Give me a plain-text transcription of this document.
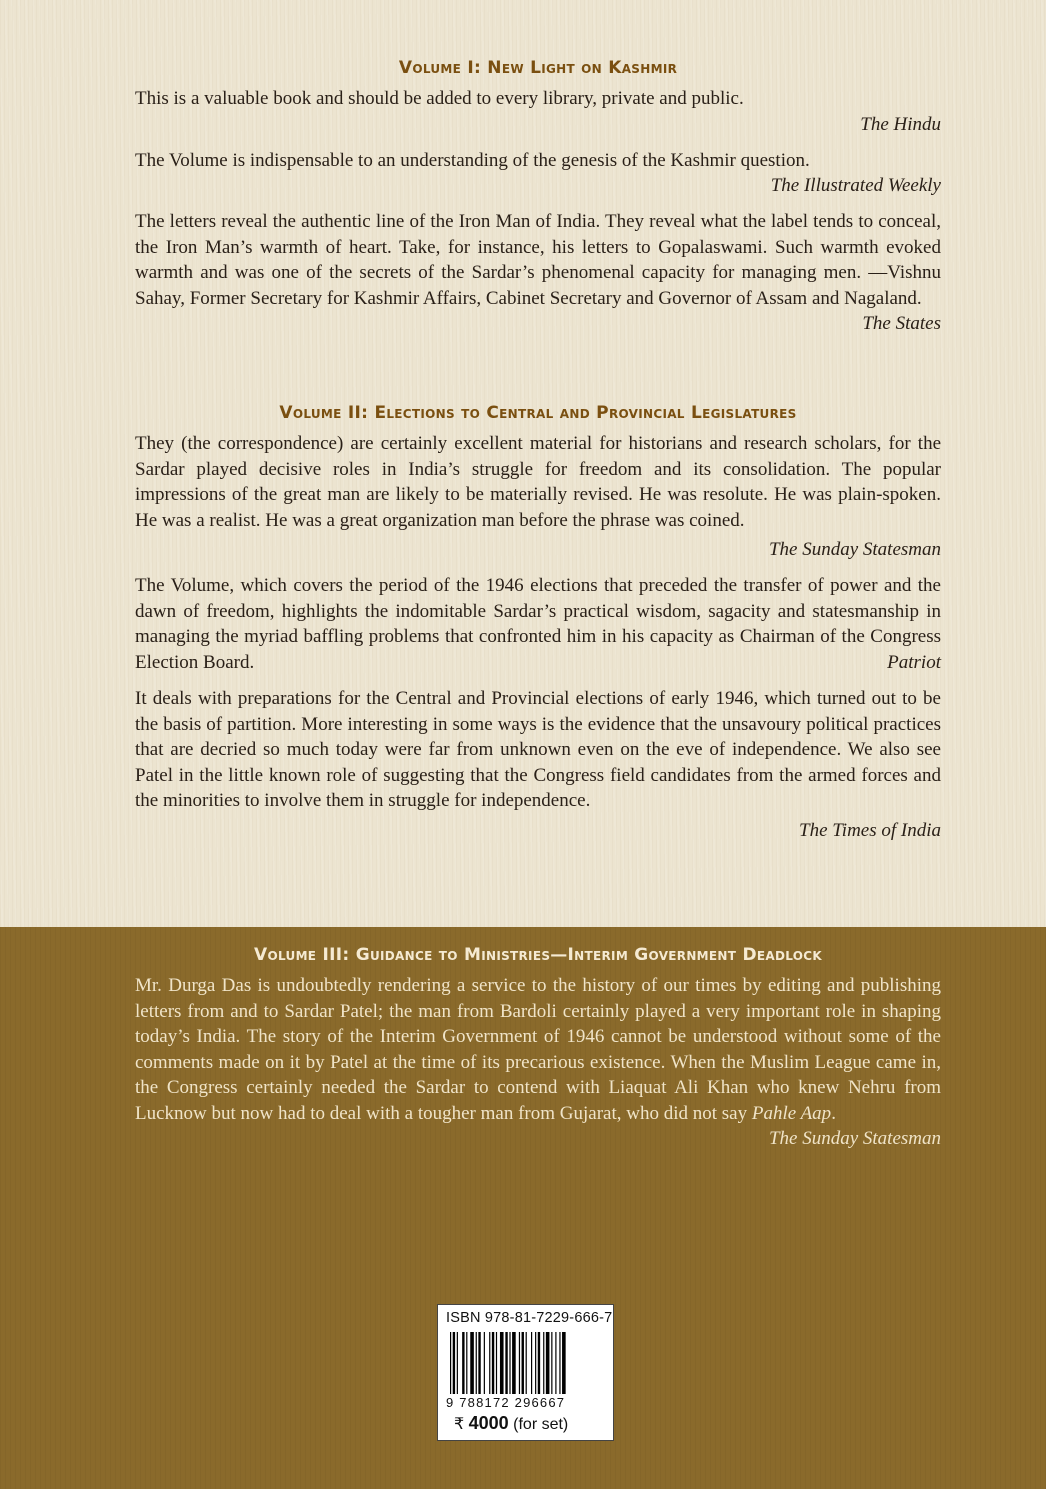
Volume I: New Light on Kashmir

This is a valuable book and should be added to every library, private and public.

The Hindu

The Volume is indispensable to an understanding of the genesis of the Kashmir question.

The Illustrated Weekly

The letters reveal the authentic line of the Iron Man of India. They reveal what the label tends to conceal, the Iron Man’s warmth of heart. Take, for instance, his letters to Gopalaswami. Such warmth evoked warmth and was one of the secrets of the Sardar’s phenomenal capacity for managing men. —Vishnu Sahay, Former Secretary for Kashmir Affairs, Cabinet Secretary and Governor of Assam and Nagaland.

The States
Volume II: Elections to Central and Provincial Legislatures

They (the correspondence) are certainly excellent material for historians and research scholars, for the Sardar played decisive roles in India’s struggle for freedom and its consolidation. The popular impressions of the great man are likely to be materially revised. He was resolute. He was plain-spoken. He was a realist. He was a great organization man before the phrase was coined.

The Sunday Statesman

The Volume, which covers the period of the 1946 elections that preceded the transfer of power and the dawn of freedom, highlights the indomitable Sardar’s practical wisdom, sagacity and statesmanship in managing the myriad baffling problems that confronted him in his capacity as Chairman of the Congress Election Board.	Patriot

It deals with preparations for the Central and Provincial elections of early 1946, which turned out to be the basis of partition. More interesting in some ways is the evidence that the unsavoury political practices that are decried so much today were far from unknown even on the eve of independence. We also see Patel in the little known role of suggesting that the Congress field candidates from the armed forces and the minorities to involve them in struggle for independence.

The Times of India
Volume III: Guidance to Ministries—Interim Government Deadlock

Mr. Durga Das is undoubtedly rendering a service to the history of our times by editing and publishing letters from and to Sardar Patel; the man from Bardoli certainly played a very important role in shaping today’s India. The story of the Interim Government of 1946 cannot be understood without some of the comments made on it by Patel at the time of its precarious existence. When the Muslim League came in, the Congress certainly needed the Sardar to contend with Liaquat Ali Khan who knew Nehru from Lucknow but now had to deal with a tougher man from Gujarat, who did not say Pahle Aap.

The Sunday Statesman
ISBN 978-81-7229-666-7
9 788172 296667
₹ 4000 (for set)
